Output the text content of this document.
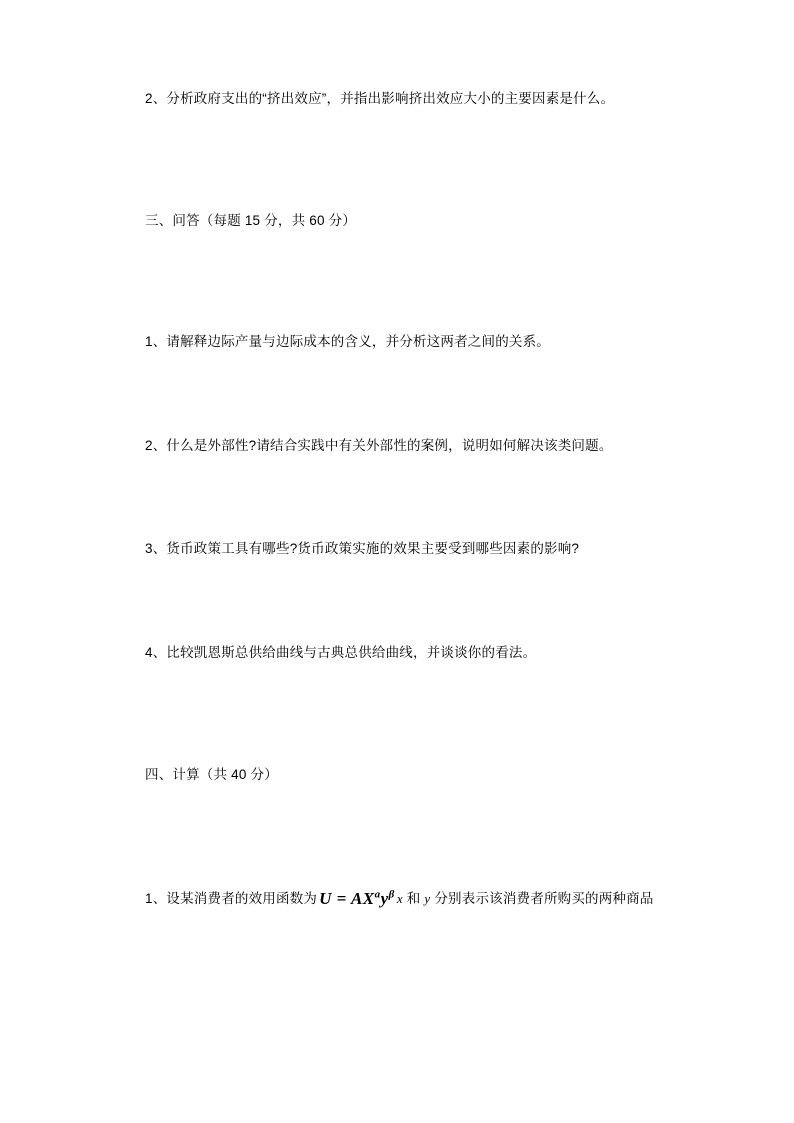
2、分析政府支出的“挤出效应”，并指出影响挤出效应大小的主要因素是什么。
三、问答（每题 15 分，共 60 分）
1、请解释边际产量与边际成本的含义，并分析这两者之间的关系。
2、什么是外部性?请结合实践中有关外部性的案例，说明如何解决该类问题。
3、货币政策工具有哪些?货币政策实施的效果主要受到哪些因素的影响?
4、比较凯恩斯总供给曲线与古典总供给曲线，并谈谈你的看法。
四、计算（共 40 分）
1、设某消费者的效用函数为 $U = AX^ay^\beta$ x 和 y 分别表示该消费者所购买的两种商品
